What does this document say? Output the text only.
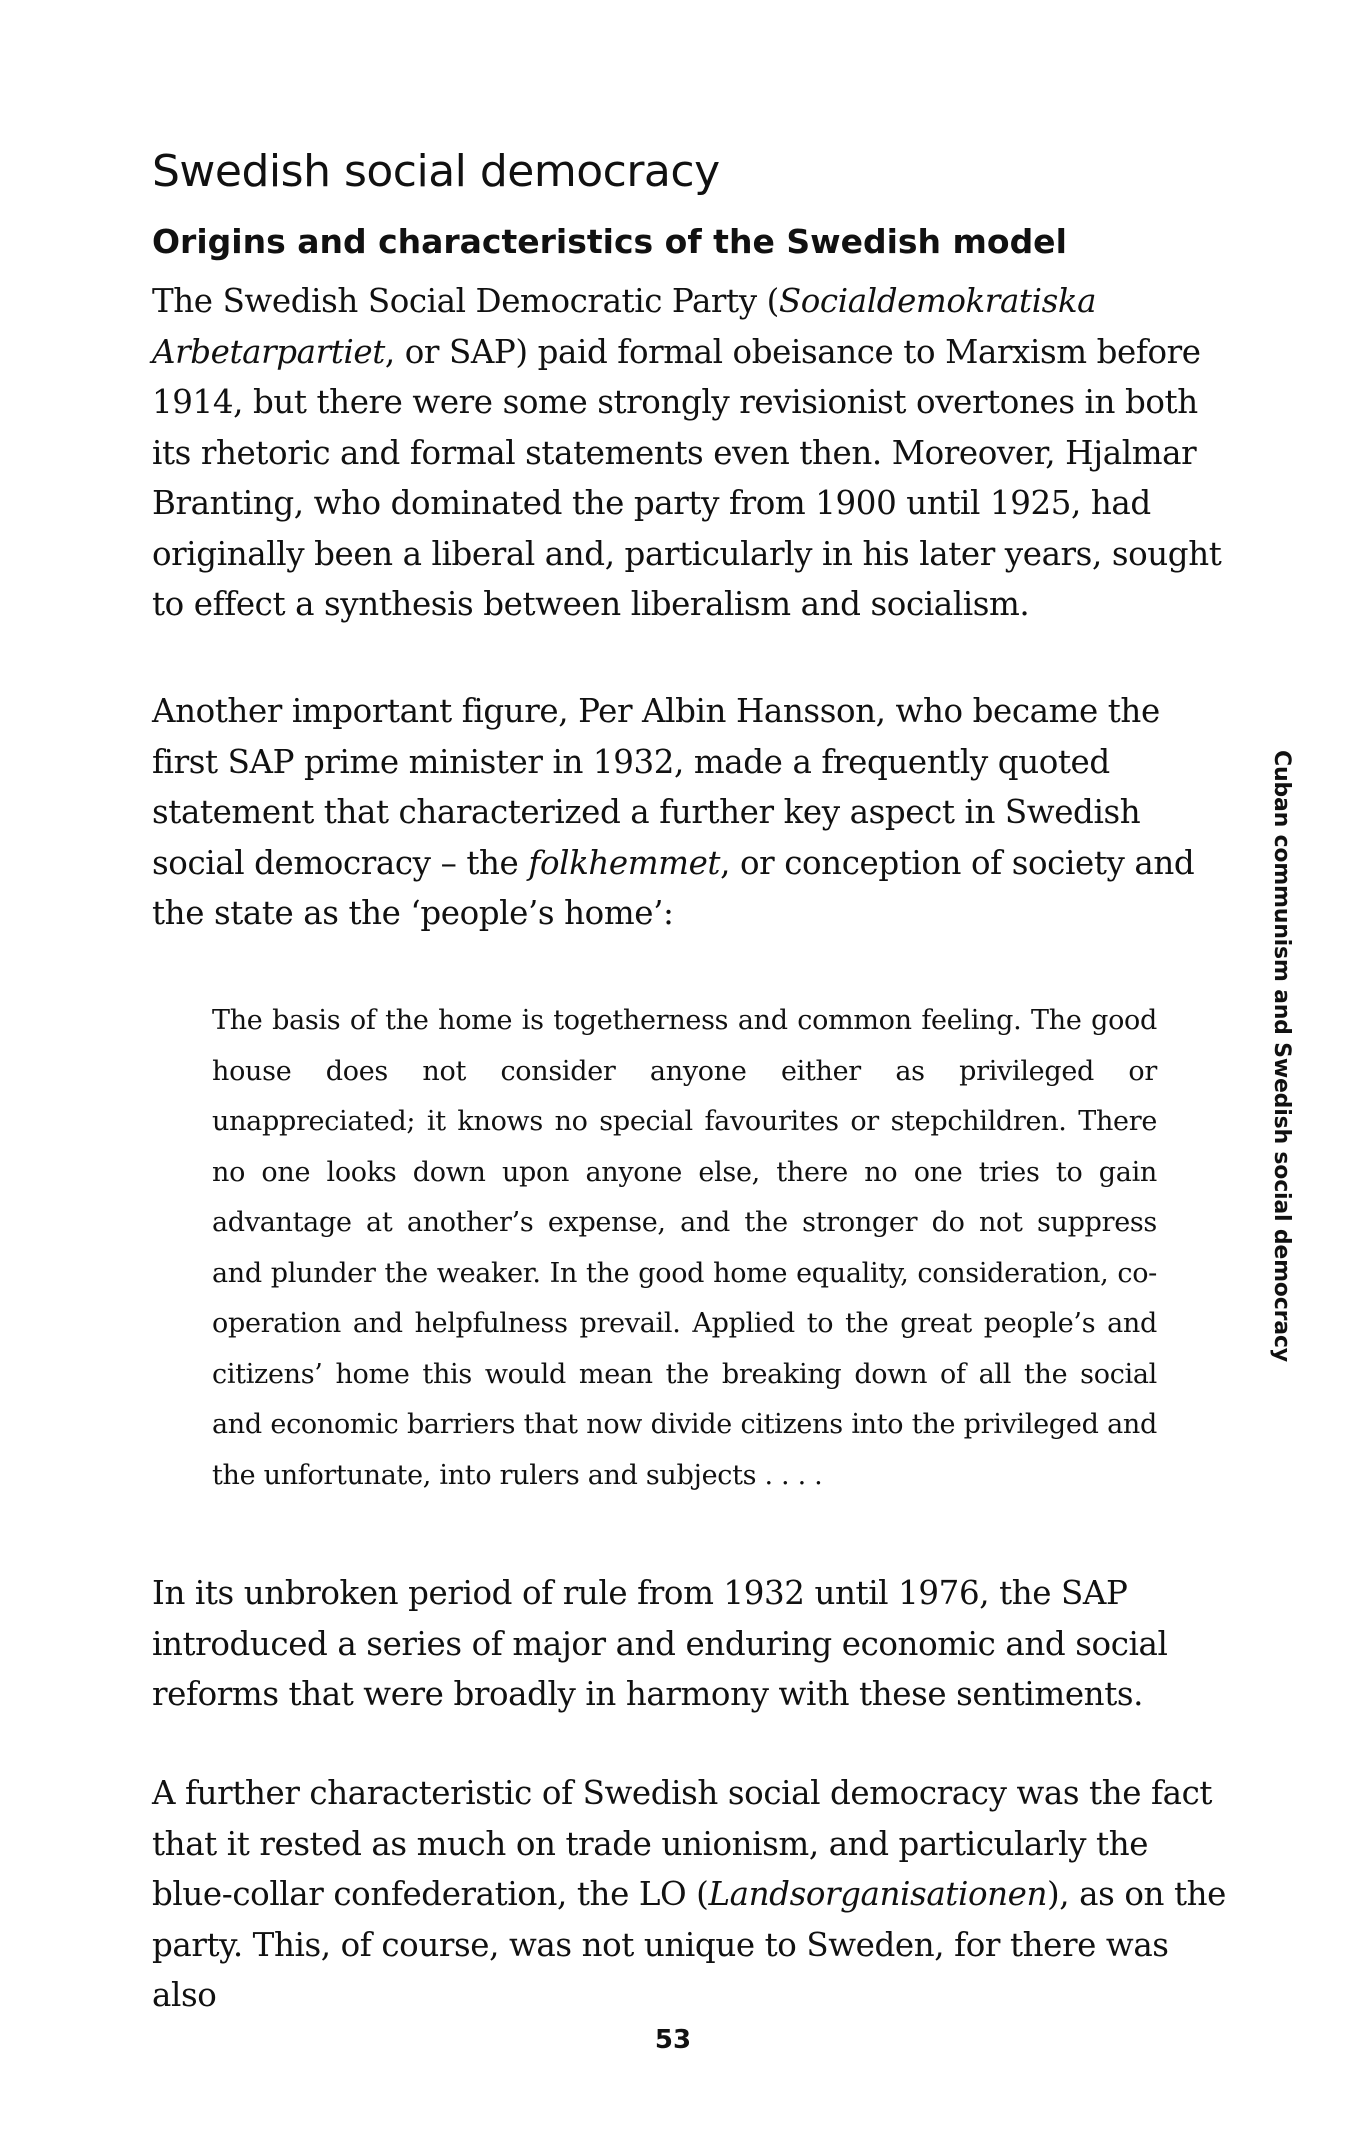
Swedish social democracy
Origins and characteristics of the Swedish model

The Swedish Social Democratic Party (Socialdemokratiska Arbetarpartiet, or SAP) paid formal obeisance to Marxism before 1914, but there were some strongly revisionist overtones in both its rhetoric and formal statements even then. Moreover, Hjalmar Branting, who dominated the party from 1900 until 1925, had originally been a liberal and, particularly in his later years, sought to effect a synthesis between liberalism and socialism.

Another important figure, Per Albin Hansson, who became the first SAP prime minister in 1932, made a frequently quoted statement that characterized a further key aspect in Swedish social democracy – the folkhemmet, or conception of society and the state as the ‘people’s home’:

The basis of the home is togetherness and common feeling. The good house does not consider anyone either as privileged or unappreciated; it knows no special favourites or stepchildren. There no one looks down upon anyone else, there no one tries to gain advantage at another’s expense, and the stronger do not suppress and plunder the weaker. In the good home equality, consideration, co-operation and helpfulness prevail. Applied to the great people’s and citizens’ home this would mean the breaking down of all the social and economic barriers that now divide citizens into the privileged and the unfortunate, into rulers and subjects . . . .

In its unbroken period of rule from 1932 until 1976, the SAP introduced a series of major and enduring economic and social reforms that were broadly in harmony with these sentiments.

A further characteristic of Swedish social democracy was the fact that it rested as much on trade unionism, and particularly the blue-collar confederation, the LO (Landsorganisationen), as on the party. This, of course, was not unique to Sweden, for there was also

Cuban communism and Swedish social democracy
53
